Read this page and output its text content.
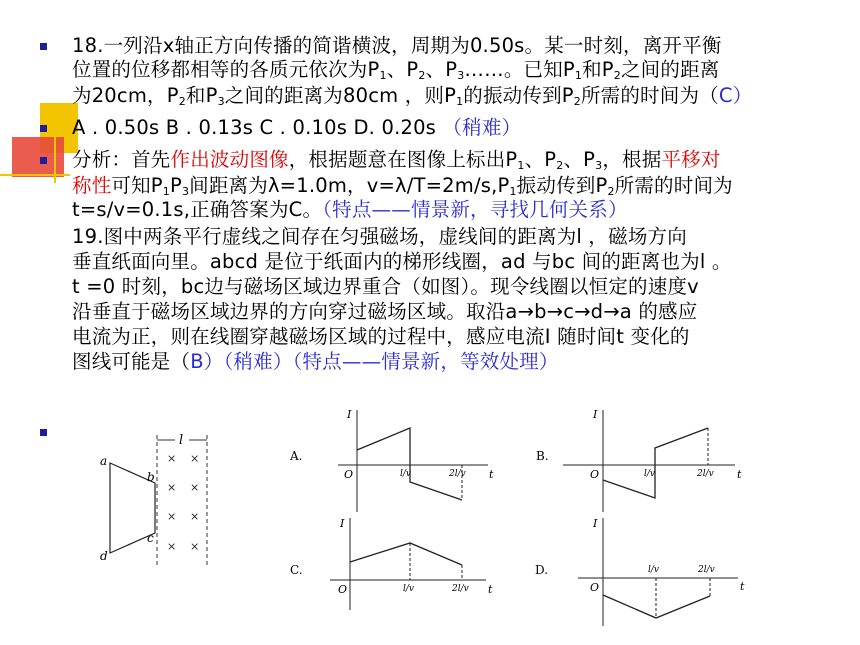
18.一列沿x轴正方向传播的简谐横波，周期为0.50s。某一时刻，离开平衡
位置的位移都相等的各质元依次为$P_1$、$P_2$、$P_3\dots\dots$。已知$P_1$和$P_2$之间的距离
为20cm，$P_2$和$P_3$之间的距离为80cm ，则$P_1$的振动传到$P_2$所需的时间为（C）
A . 0.50s B . 0.13s C . 0.10s D. 0.20s （稍难）
分析：首先作出波动图像，根据题意在图像上标出$P_1$、$P_2$、$P_3$，根据平移对
称性可知$P_1P_3$间距离为λ=1.0m，$v=\lambda/T=2m/s,P_1$振动传到$P_2$所需的时间为
t=s/v=0.1s,正确答案为C。（特点——情景新，寻找几何关系）
19.图中两条平行虚线之间存在匀强磁场，虚线间的距离为l ，磁场方向
垂直纸面向里。abcd 是位于纸面内的梯形线圈，ad 与bc 间的距离也为l 。
t =0 时刻，bc边与磁场区域边界重合（如图）。现令线圈以恒定的速度v
沿垂直于磁场区域边界的方向穿过磁场区域。取沿a→b→c→d→a 的感应
电流为正，则在线圈穿越磁场区域的过程中，感应电流I 随时间t 变化的
图线可能是（B）（稍难）（特点——情景新，等效处理）
l
× ×
× ×
× ×
× ×
a
b
c
d
A.
I
O	l/v	2l/v t
B.
I
O	l/v	2l/v t
C.
I
O	l/v	2l/v t
D.
I
O
l/v	2l/v
t
